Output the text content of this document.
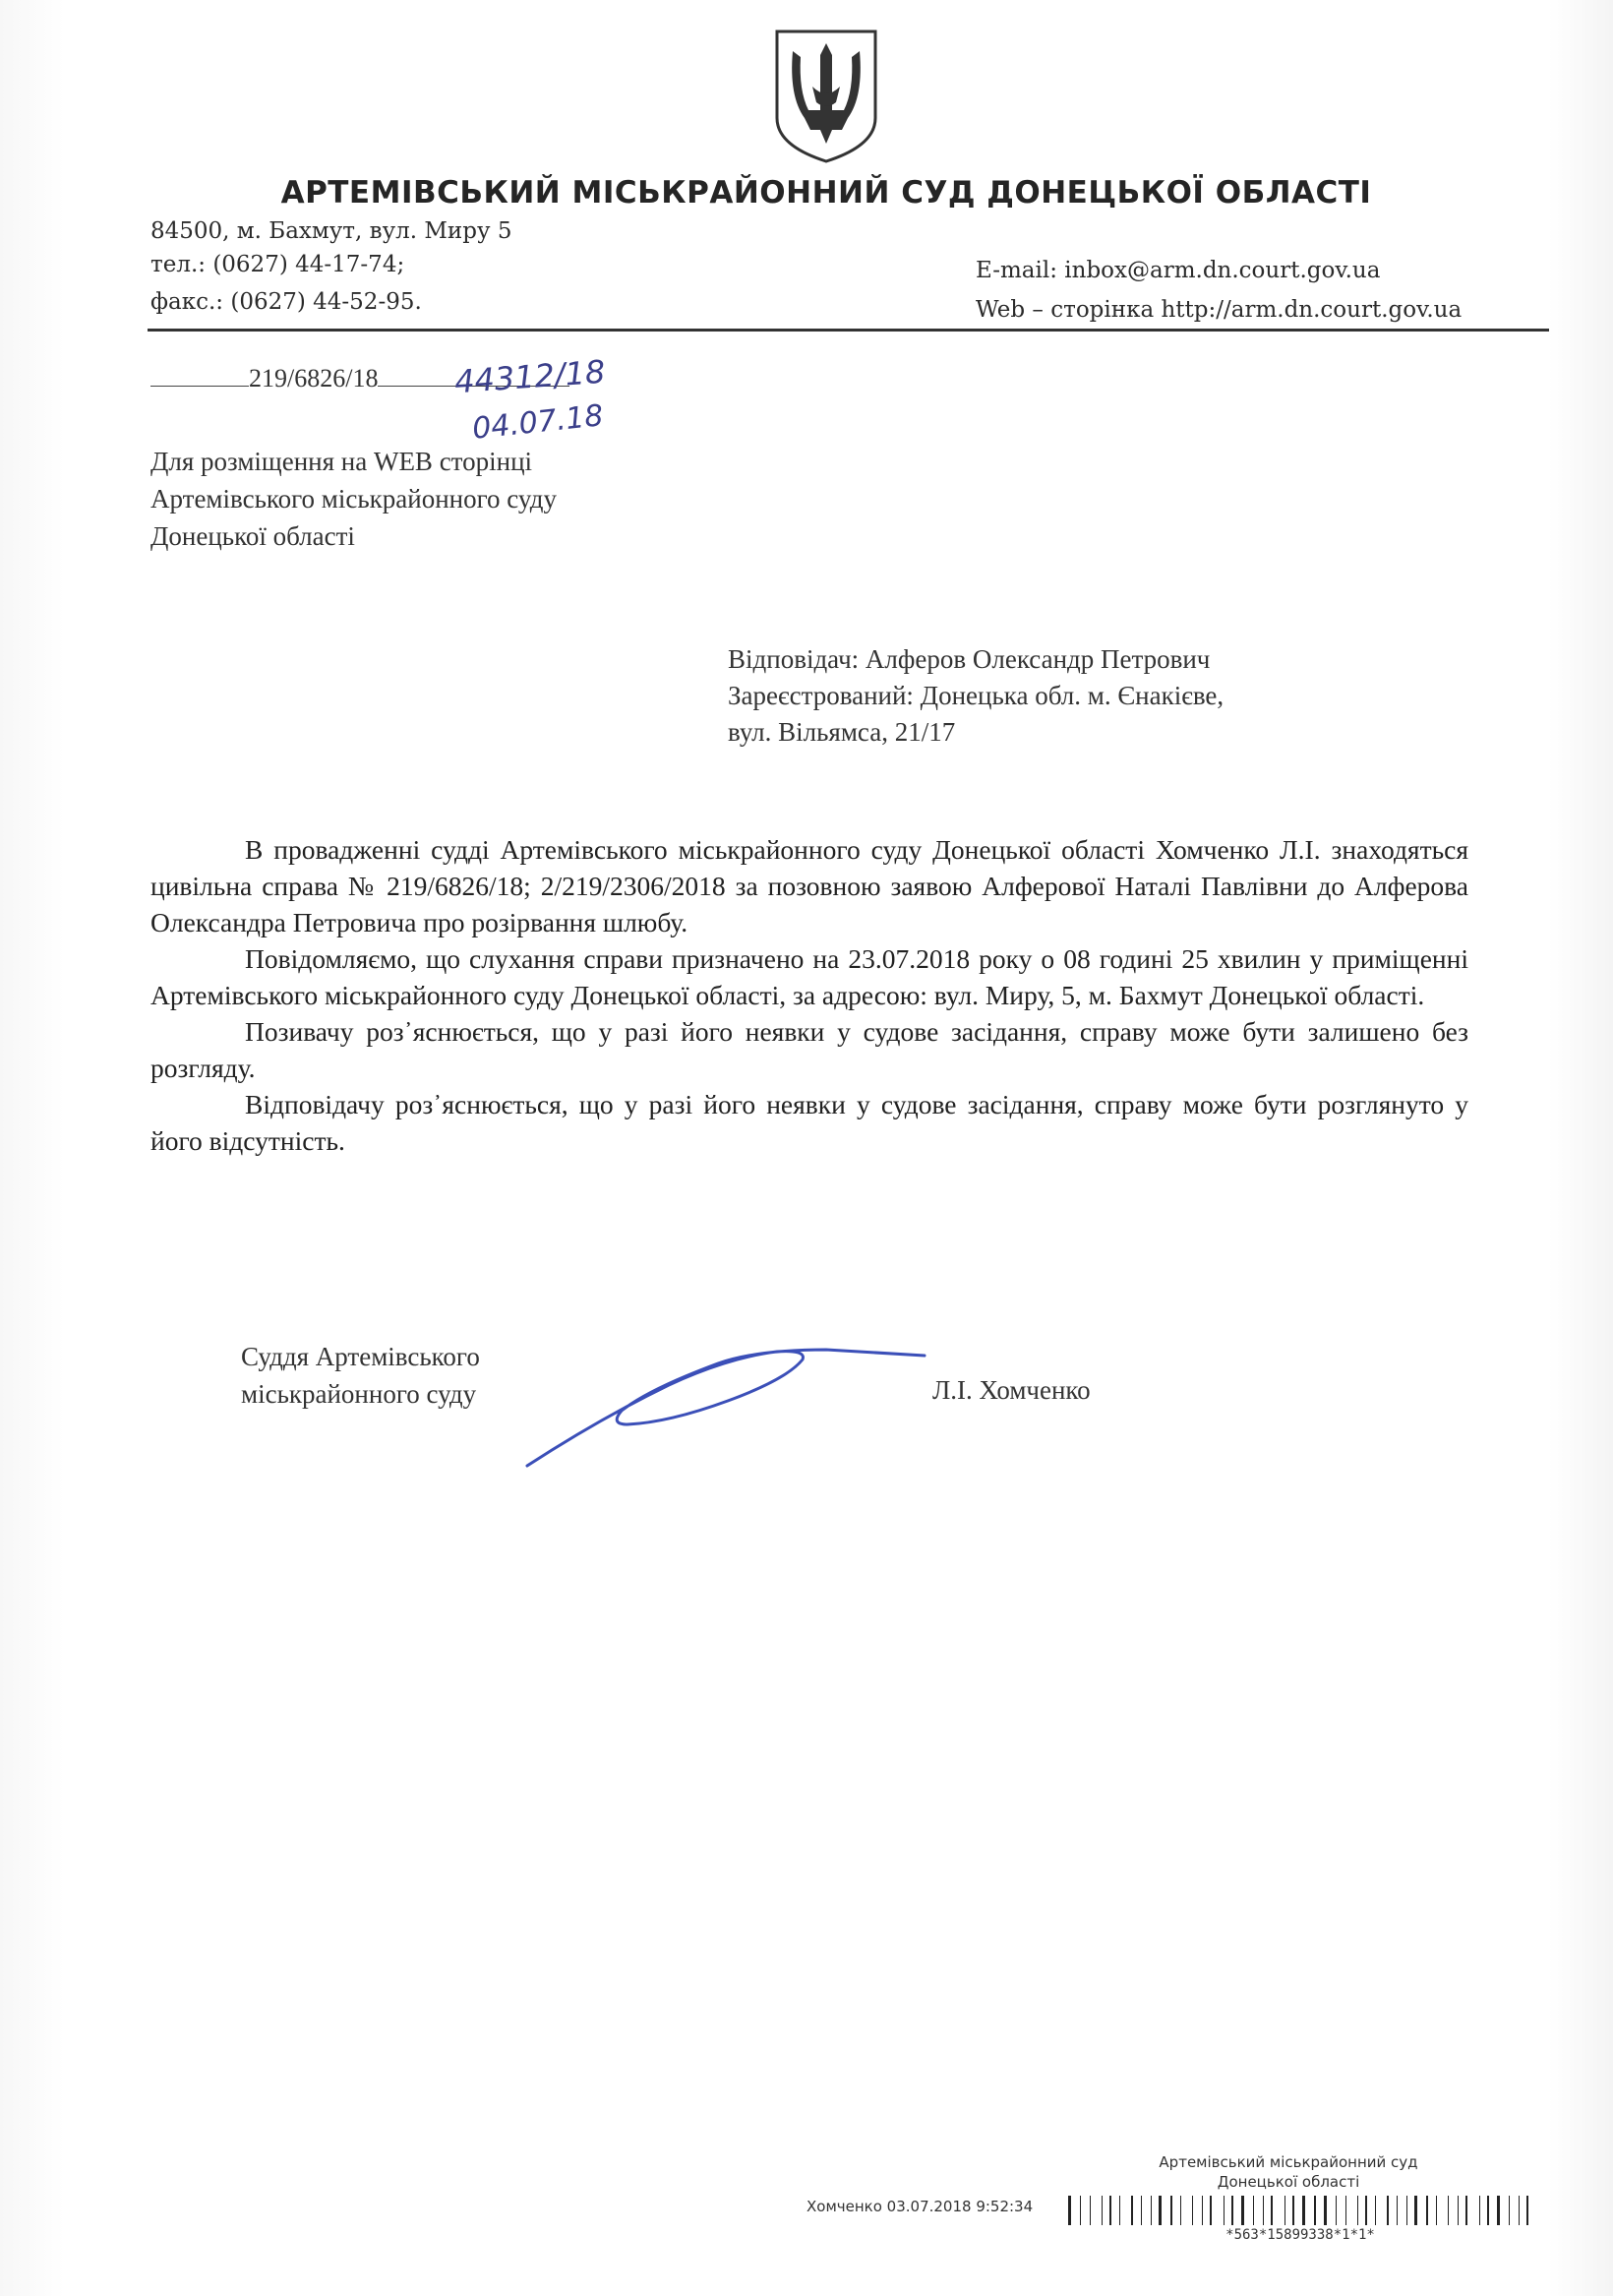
АРТЕМІВСЬКИЙ МІСЬКРАЙОННИЙ СУД ДОНЕЦЬКОЇ ОБЛАСТІ
84500, м. Бахмут, вул. Миру 5
тел.: (0627) 44-17-74;
факс.: (0627) 44-52-95.
E-mail: inbox@arm.dn.court.gov.ua
Web – сторінка http://arm.dn.court.gov.ua
219/6826/18	44312/18
04.07.18
Для розміщення на WEB сторінці
Артемівського міськрайонного суду
Донецької області
Відповідач: Алферов Олександр Петрович
Зареєстрований: Донецька обл. м. Єнакієве,
вул. Вільямса, 21/17

В провадженні судді Артемівського міськрайонного суду Донецької області Хомченко Л.І. знаходяться цивільна справа № 219/6826/18; 2/219/2306/2018 за позовною заявою Алферової Наталі Павлівни до Алферова Олександра Петровича про розірвання шлюбу.

Повідомляємо, що слухання справи призначено на 23.07.2018 року о 08 годині 25 хвилин у приміщенні Артемівського міськрайонного суду Донецької області, за адресою: вул. Миру, 5, м. Бахмут Донецької області.

Позивачу роз᾽яснюється, що у разі його неявки у судове засідання, справу може бути залишено без розгляду.

Відповідачу роз᾽яснюється, що у разі його неявки у судове засідання, справу може бути розглянуто у його відсутність.

Суддя Артемівського
міськрайонного суду	Л.І. Хомченко
Артемівський міськрайонний суд
Донецької області
Хомченко 03.07.2018 9:52:34
*563*15899338*1*1*
